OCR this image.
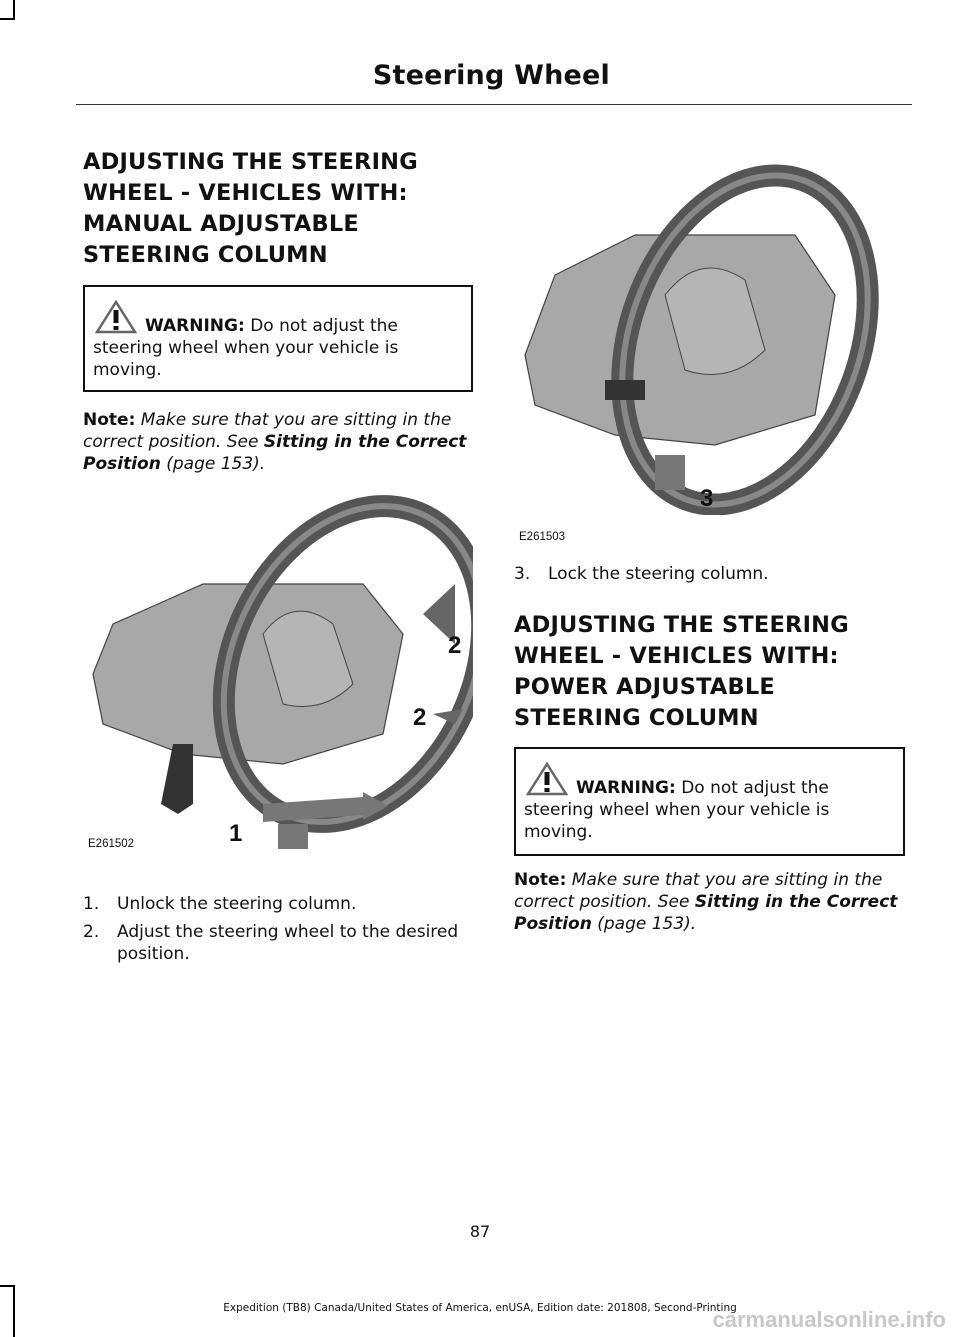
Steering Wheel
ADJUSTING THE STEERING
WHEEL - VEHICLES WITH:
MANUAL ADJUSTABLE
STEERING COLUMN
WARNING: Do not adjust the steering wheel when your vehicle is moving.
Note: Make sure that you are sitting in the correct position. See Sitting in the Correct Position (page 153).
2
2
1
E261502
1. Unlock the steering column.
2. Adjust the steering wheel to the desired position.
3
E261503
3. Lock the steering column.
ADJUSTING THE STEERING
WHEEL - VEHICLES WITH:
POWER ADJUSTABLE
STEERING COLUMN
WARNING: Do not adjust the steering wheel when your vehicle is moving.
Note: Make sure that you are sitting in the correct position. See Sitting in the Correct Position (page 153).
87
Expedition (TB8) Canada/United States of America, enUSA, Edition date: 201808, Second-Printing
carmanualsonline.info
